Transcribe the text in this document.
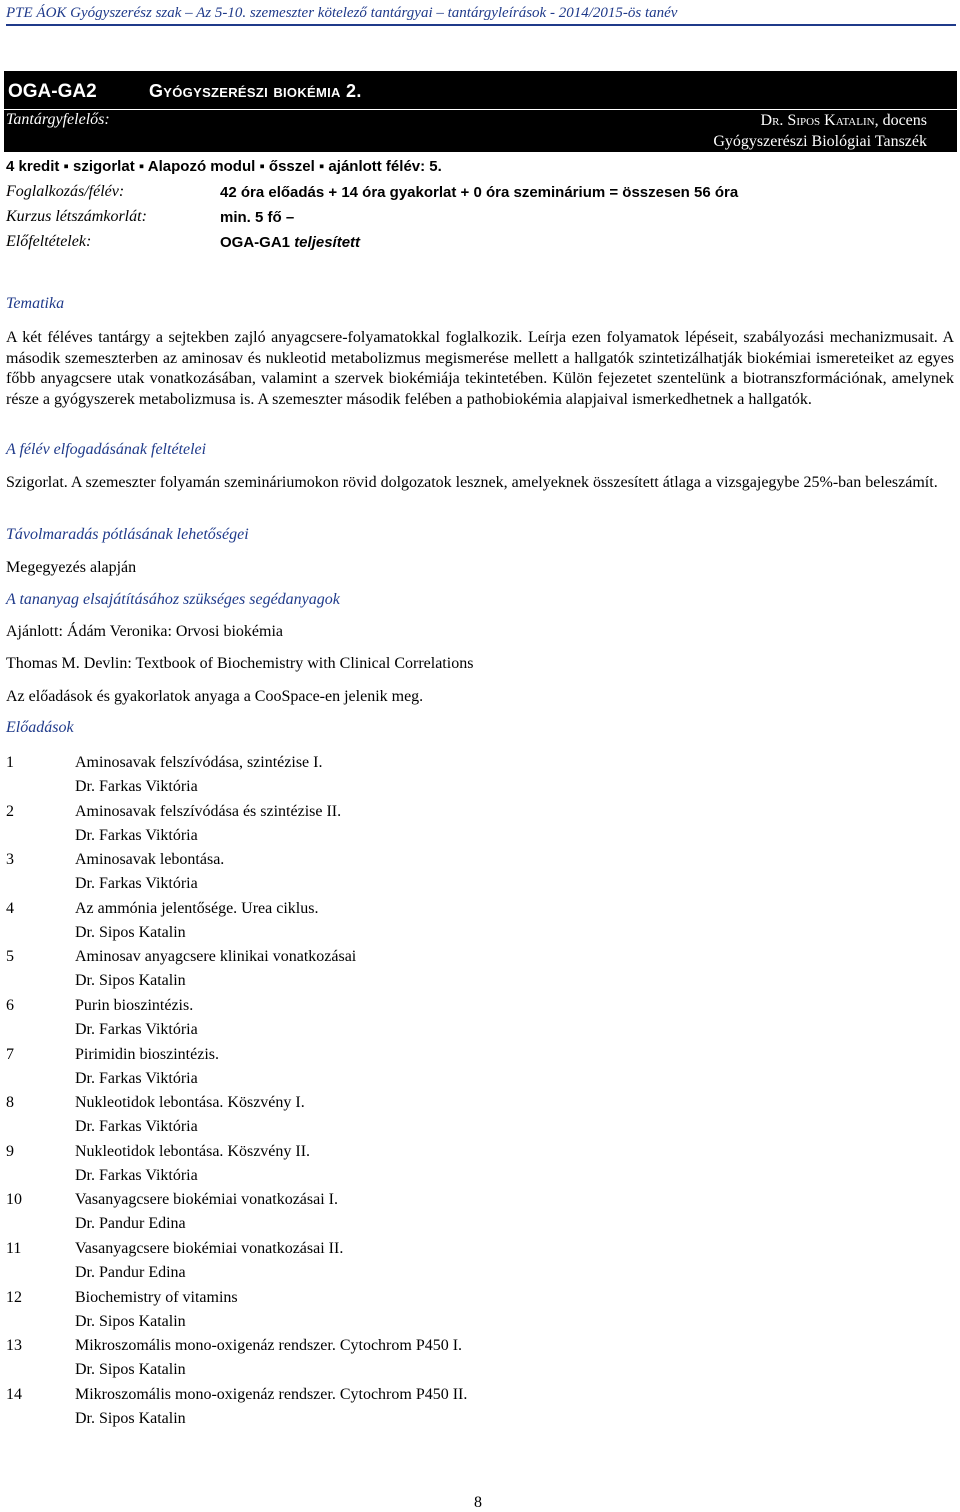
PTE ÁOK Gyógyszerész szak – Az 5-10. szemeszter kötelező tantárgyai – tantárgyleírások - 2014/2015-ös tanév
OGA-GA2	Gyógyszerészi biokémia 2.
Tantárgyfelelős:	Dr. Sipos Katalin, docens
Gyógyszerészi Biológiai Tanszék
4 kredit ▪ szigorlat ▪ Alapozó modul ▪ ősszel ▪ ajánlott félév: 5.
Foglalkozás/félév:	42 óra előadás + 14 óra gyakorlat + 0 óra szeminárium = összesen 56 óra
Kurzus létszámkorlát:	min. 5 fő –
Előfeltételek:	OGA-GA1 teljesített
Tematika
A két féléves tantárgy a sejtekben zajló anyagcsere-folyamatokkal foglalkozik. Leírja ezen folyamatok lépéseit, szabályozási mechanizmusait. A második szemeszterben az aminosav és nukleotid metabolizmus megismerése mellett a hallgatók szintetizálhatják biokémiai ismereteiket az egyes főbb anyagcsere utak vonatkozásában, valamint a szervek biokémiája tekintetében. Külön fejezetet szentelünk a biotranszformációnak, amelynek része a gyógyszerek metabolizmusa is. A szemeszter második felében a pathobiokémia alapjaival ismerkedhetnek a hallgatók.
A félév elfogadásának feltételei
Szigorlat. A szemeszter folyamán szemináriumokon rövid dolgozatok lesznek, amelyeknek összesített átlaga a vizsgajegybe 25%-ban beleszámít.
Távolmaradás pótlásának lehetőségei
Megegyezés alapján
A tananyag elsajátításához szükséges segédanyagok
Ajánlott: Ádám Veronika: Orvosi biokémia
Thomas M. Devlin: Textbook of Biochemistry with Clinical Correlations
Az előadások és gyakorlatok anyaga a CooSpace-en jelenik meg.
Előadások
1	Aminosavak felszívódása, szintézise I.
Dr. Farkas Viktória
2	Aminosavak felszívódása és szintézise II.
Dr. Farkas Viktória
3	Aminosavak lebontása.
Dr. Farkas Viktória
4	Az ammónia jelentősége. Urea ciklus.
Dr. Sipos Katalin
5	Aminosav anyagcsere klinikai vonatkozásai
Dr. Sipos Katalin
6	Purin bioszintézis.
Dr. Farkas Viktória
7	Pirimidin bioszintézis.
Dr. Farkas Viktória
8	Nukleotidok lebontása. Köszvény I.
Dr. Farkas Viktória
9	Nukleotidok lebontása. Köszvény II.
Dr. Farkas Viktória
10	Vasanyagcsere biokémiai vonatkozásai I.
Dr. Pandur Edina
11	Vasanyagcsere biokémiai vonatkozásai II.
Dr. Pandur Edina
12	Biochemistry of vitamins
Dr. Sipos Katalin
13	Mikroszomális mono-oxigenáz rendszer. Cytochrom P450 I.
Dr. Sipos Katalin
14	Mikroszomális mono-oxigenáz rendszer. Cytochrom P450 II.
Dr. Sipos Katalin
8
